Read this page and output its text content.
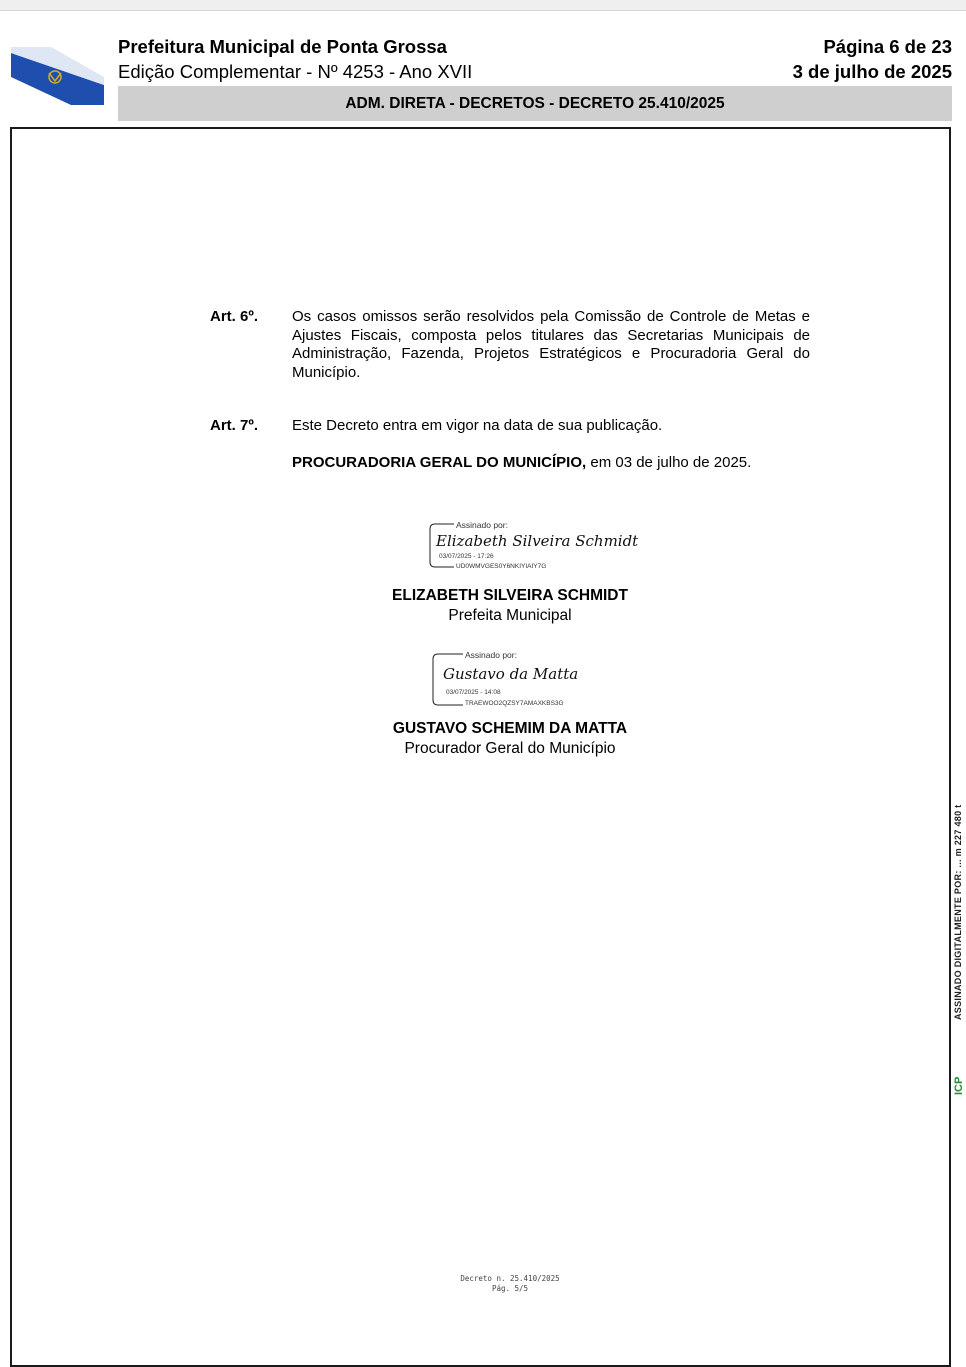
Prefeitura Municipal de Ponta Grossa
Edição Complementar - Nº 4253 - Ano XVII
Página 6 de 23
3 de julho de 2025
ADM. DIRETA - DECRETOS - DECRETO 25.410/2025
Art. 6º. Os casos omissos serão resolvidos pela Comissão de Controle de Metas e Ajustes Fiscais, composta pelos titulares das Secretarias Municipais de Administração, Fazenda, Projetos Estratégicos e Procuradoria Geral do Município.
Art. 7º. Este Decreto entra em vigor na data de sua publicação.
PROCURADORIA GERAL DO MUNICÍPIO, em 03 de julho de 2025.
Assinado por:
Elizabeth Silveira Schmidt
03/07/2025 - 17:26
UD0WMVGES0Y6NKIYIAIY7G
ELIZABETH SILVEIRA SCHMIDT
Prefeita Municipal
Assinado por:
Gustavo da Matta
03/07/2025 - 14:08
TRAEWOO2QZSY7AMAXKBS3G
GUSTAVO SCHEMIM DA MATTA
Procurador Geral do Município
Decreto n. 25.410/2025
Pág. 5/5
ASSINADO DIGITALMENTE POR: ... m 227 480 t
ICP
